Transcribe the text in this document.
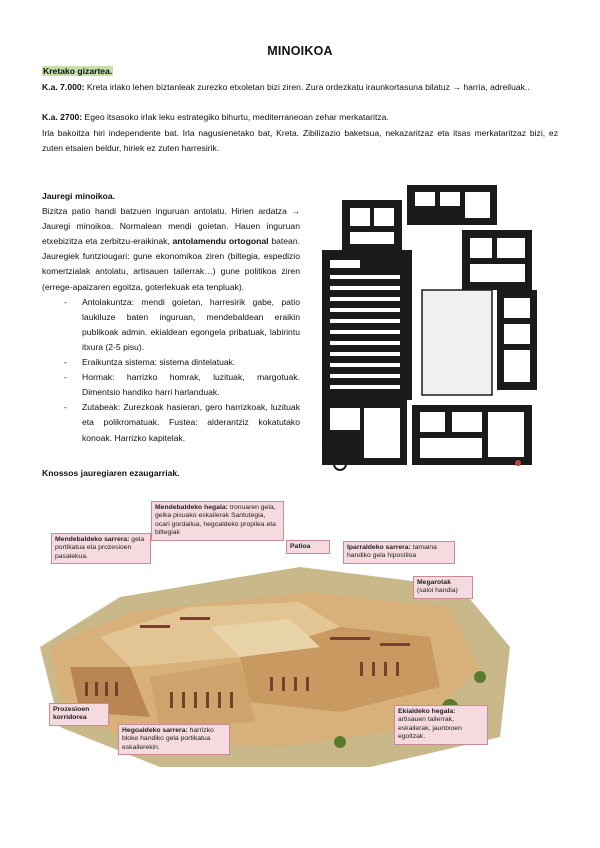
MINOIKOA
Kretako gizartea.
K.a. 7.000: Kreta irlako lehen biztanleak zurezko etxoletan bizi ziren. Zura ordezkatu iraunkortasuna bilatuz → harria, adreiluak..
K.a. 2700: Egeo itsasoko irlak leku estrategiko bihurtu, mediterraneoan zehar merkataritza.
Irla bakoitza hiri independente bat. Irla nagusienetako bat, Kreta. Zibilizazio baketsua, nekazaritzaz eta itsas merkataritzaz bizi, ez zuten etsaien beldur, hiriek ez zuten harresirik.
Jauregi minoikoa.
Bizitza patio handi batzuen inguruan antolatu. Hirien ardatza → Jauregi minoikoa. Normalean mendi goietan. Hauen inguruan etxebizitza eta zerbitzu-eraikinak, antolamendu ortogonal batean. Jauregiek funtziougari: gune ekonomikoa ziren (biltegia, espedizio komertzialak antolatu, artisauen tailerrak…) gune politikoa ziren (errege-apaizaren egoitza, goterlekuak eta tenpluak).
- Antolakuntza: mendi goietan, harresirik gabe, patio laukiluze baten inguruan, mendebaldean eraikin publikoak admin. ekialdean egongela pribatuak, labirintu itxura (2-5 pisu).
- Eraikuntza sistema: sistema dintelatuak.
- Hormak: harrizko homrak, luzituak, margotuak. Dimentsio handiko harri harlanduak.
- Zutabeak: Zurezkoak hasieran, gero harrizkoak, luzituak eta polikromatuak. Fustea: alderantziz kokatutako konoak. Harrizko kapitelak.
Knossos jauregiaren ezaugarriak.
Mendebaldeko hegala: tronuaren gela, gelka pisuako eskailerak Santutegia, ocari gordailua, hegoaldeko propilea eta biltegiak
Mendebaldeko sarrera: gela portikatua eta prozesioen pasalekua.
Patioa	Iparraldeko sarrera: tamaina handiko gela hipostiloa
Megarotak
(saloi handia)
Prozesioen korridorea
Hegoaldeko sarrera: harrizko bloke handiko gela portikatua eskailerekin.
Ekialdeko hegala: artisauen tailerrak, eskailerak, jauntxoen egoitzak.
